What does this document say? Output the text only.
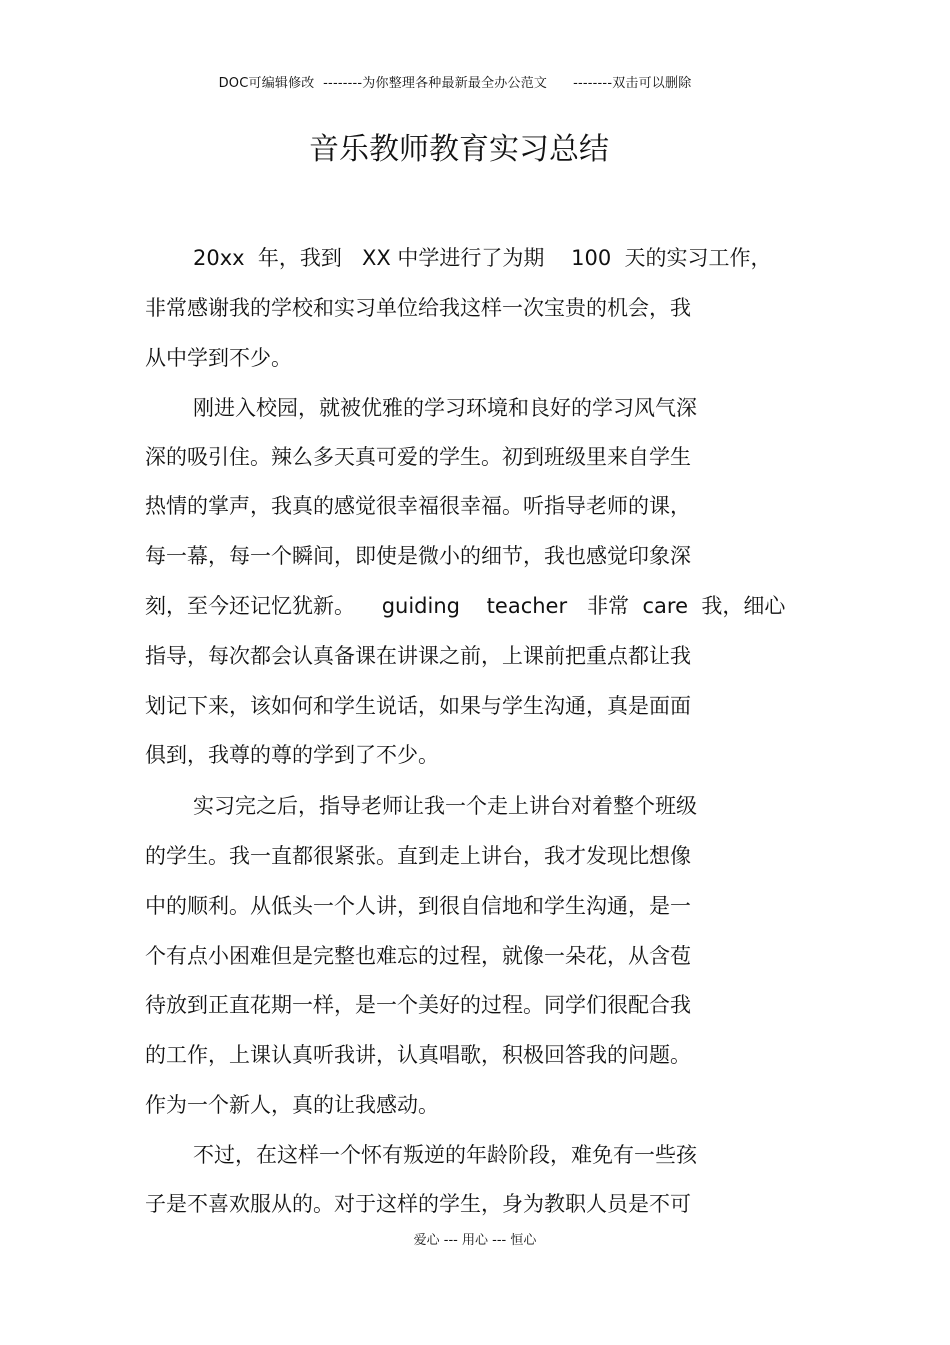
DOC可编辑修改  --------为你整理各种最新最全办公范文      --------双击可以删除
音乐教师教育实习总结
20xx  年，我到   XX 中学进行了为期    100  天的实习工作，
非常感谢我的学校和实习单位给我这样一次宝贵的机会，我
从中学到不少。
刚进入校园，就被优雅的学习环境和良好的学习风气深
深的吸引住。辣么多天真可爱的学生。初到班级里来自学生
热情的掌声，我真的感觉很幸福很幸福。听指导老师的课，
每一幕，每一个瞬间，即使是微小的细节，我也感觉印象深
刻，至今还记忆犹新。    guiding    teacher   非常  care  我，细心
指导，每次都会认真备课在讲课之前，上课前把重点都让我
划记下来，该如何和学生说话，如果与学生沟通，真是面面
俱到，我尊的尊的学到了不少。
实习完之后，指导老师让我一个走上讲台对着整个班级
的学生。我一直都很紧张。直到走上讲台，我才发现比想像
中的顺利。从低头一个人讲，到很自信地和学生沟通，是一
个有点小困难但是完整也难忘的过程，就像一朵花，从含苞
待放到正直花期一样，是一个美好的过程。同学们很配合我
的工作，上课认真听我讲，认真唱歌，积极回答我的问题。
作为一个新人，真的让我感动。
不过，在这样一个怀有叛逆的年龄阶段，难免有一些孩
子是不喜欢服从的。对于这样的学生，身为教职人员是不可
爱心 --- 用心 --- 恒心
